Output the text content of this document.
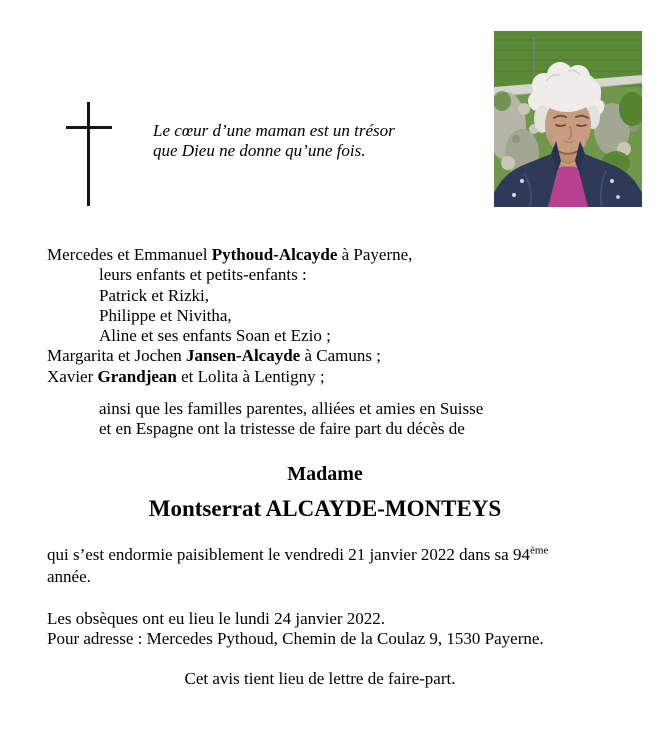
Le cœur d’une maman est un trésor
que Dieu ne donne qu’une fois.
Mercedes et Emmanuel Pythoud-Alcayde à Payerne,
leurs enfants et petits-enfants :
Patrick et Rizki,
Philippe et Nivitha,
Aline et ses enfants Soan et Ezio ;
Margarita et Jochen Jansen-Alcayde à Camuns ;
Xavier Grandjean et Lolita à Lentigny ;
ainsi que les familles parentes, alliées et amies en Suisse
et en Espagne ont la tristesse de faire part du décès de
Madame
Montserrat ALCAYDE-MONTEYS
qui s’est endormie paisiblement le vendredi 21 janvier 2022 dans sa 94ème
année.
Les obsèques ont eu lieu le lundi 24 janvier 2022.
Pour adresse : Mercedes Pythoud, Chemin de la Coulaz 9, 1530 Payerne.
Cet avis tient lieu de lettre de faire-part.
